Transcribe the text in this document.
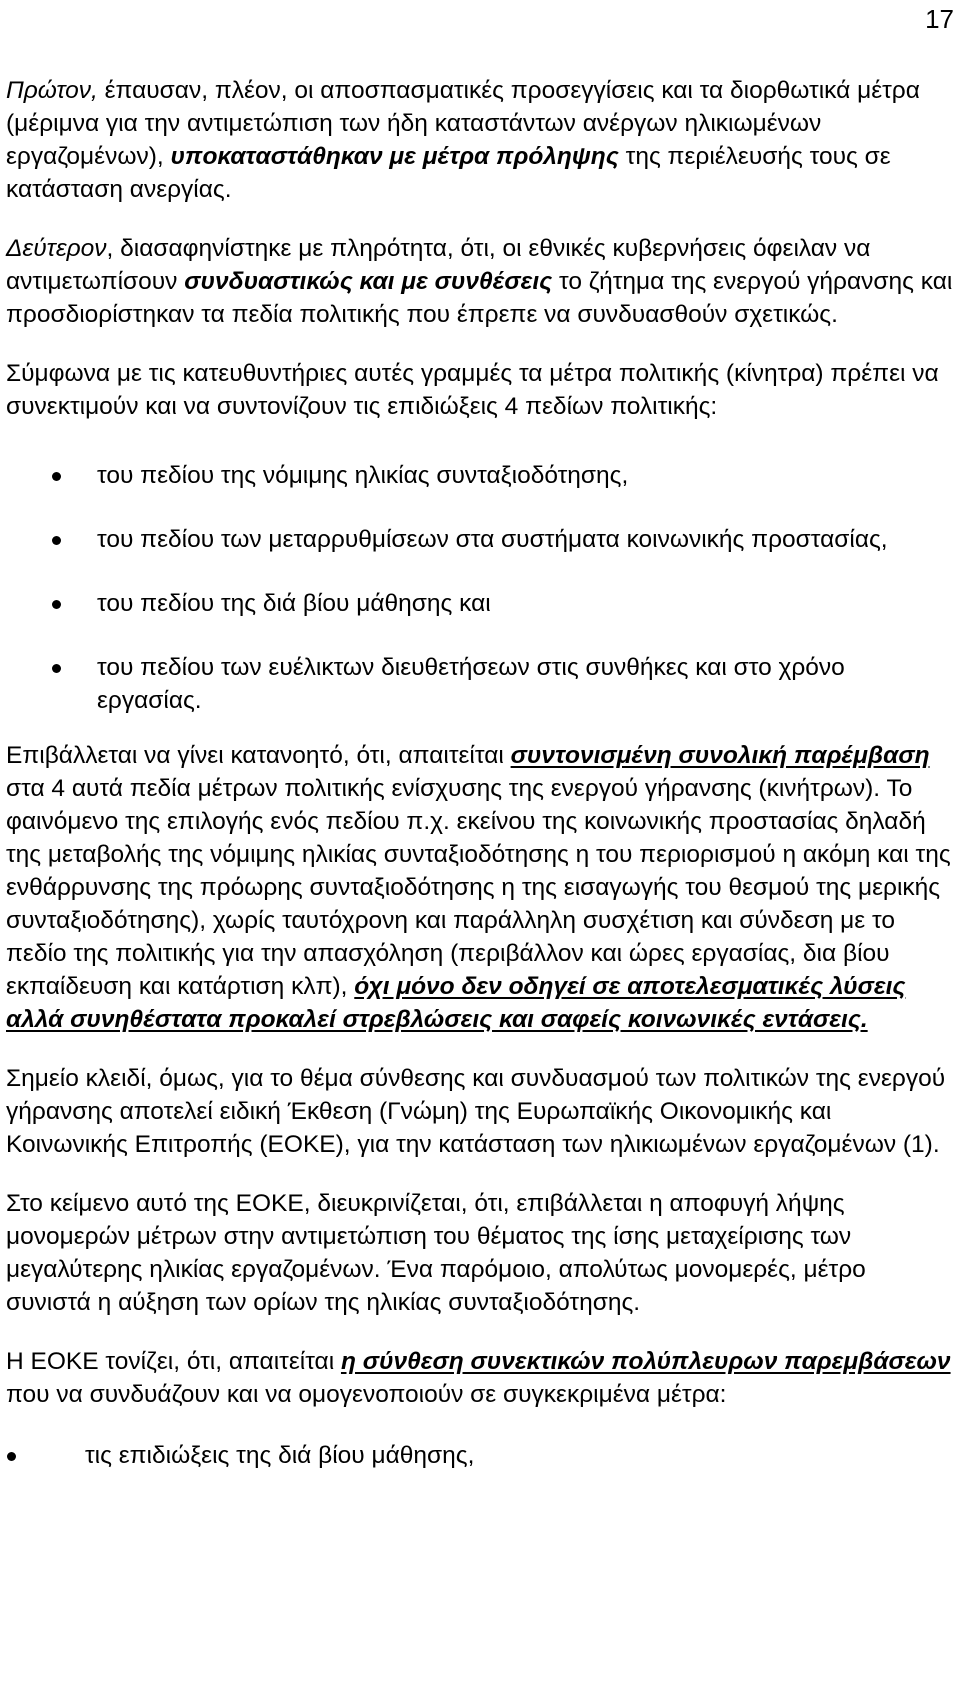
17

Πρώτον, έπαυσαν, πλέον, οι αποσπασματικές προσεγγίσεις και τα διορθωτικά μέτρα (μέριμνα για την αντιμετώπιση των ήδη καταστάντων ανέργων ηλικιωμένων εργαζομένων), υποκαταστάθηκαν με μέτρα πρόληψης της περιέλευσής τους σε κατάσταση ανεργίας.

Δεύτερον, διασαφηνίστηκε με πληρότητα, ότι, οι εθνικές κυβερνήσεις όφειλαν να αντιμετωπίσουν συνδυαστικώς και με συνθέσεις το ζήτημα της ενεργού γήρανσης και προσδιορίστηκαν τα πεδία πολιτικής που έπρεπε να συνδυασθούν σχετικώς.

Σύμφωνα με τις κατευθυντήριες αυτές γραμμές τα μέτρα πολιτικής (κίνητρα) πρέπει να συνεκτιμούν και να συντονίζουν τις επιδιώξεις 4 πεδίων πολιτικής:

του πεδίου της νόμιμης ηλικίας συνταξιοδότησης,
του πεδίου των μεταρρυθμίσεων στα συστήματα κοινωνικής προστασίας,
του πεδίου της διά βίου μάθησης και
του πεδίου των ευέλικτων διευθετήσεων στις συνθήκες και στο χρόνο εργασίας.

Επιβάλλεται να γίνει κατανοητό, ότι, απαιτείται συντονισμένη συνολική παρέμβαση στα 4 αυτά πεδία μέτρων πολιτικής ενίσχυσης της ενεργού γήρανσης (κινήτρων). Το φαινόμενο της επιλογής ενός πεδίου π.χ. εκείνου της κοινωνικής προστασίας δηλαδή της μεταβολής της νόμιμης ηλικίας συνταξιοδότησης η του περιορισμού η ακόμη και της ενθάρρυνσης της πρόωρης συνταξιοδότησης η της εισαγωγής του θεσμού της μερικής συνταξιοδότησης), χωρίς ταυτόχρονη και παράλληλη συσχέτιση και σύνδεση με το πεδίο της πολιτικής για την απασχόληση (περιβάλλον και ώρες εργασίας, δια βίου εκπαίδευση και κατάρτιση κλπ), όχι μόνο δεν οδηγεί σε αποτελεσματικές λύσεις αλλά συνηθέστατα προκαλεί στρεβλώσεις και σαφείς κοινωνικές εντάσεις.

Σημείο κλειδί, όμως, για το θέμα σύνθεσης και συνδυασμού των πολιτικών της ενεργού γήρανσης αποτελεί ειδική Έκθεση (Γνώμη) της Ευρωπαϊκής Οικονομικής και Κοινωνικής Επιτροπής (ΕΟΚΕ), για την κατάσταση των ηλικιωμένων εργαζομένων (1).

Στο κείμενο αυτό της ΕΟΚΕ, διευκρινίζεται, ότι, επιβάλλεται η αποφυγή λήψης μονομερών μέτρων στην αντιμετώπιση του θέματος της ίσης μεταχείρισης των μεγαλύτερης ηλικίας εργαζομένων. Ένα παρόμοιο, απολύτως μονομερές, μέτρο συνιστά η αύξηση των ορίων της ηλικίας συνταξιοδότησης.

Η ΕΟΚΕ τονίζει, ότι, απαιτείται η σύνθεση συνεκτικών πολύπλευρων παρεμβάσεων που να συνδυάζουν και να ομογενοποιούν σε συγκεκριμένα μέτρα:

τις επιδιώξεις της διά βίου μάθησης,
